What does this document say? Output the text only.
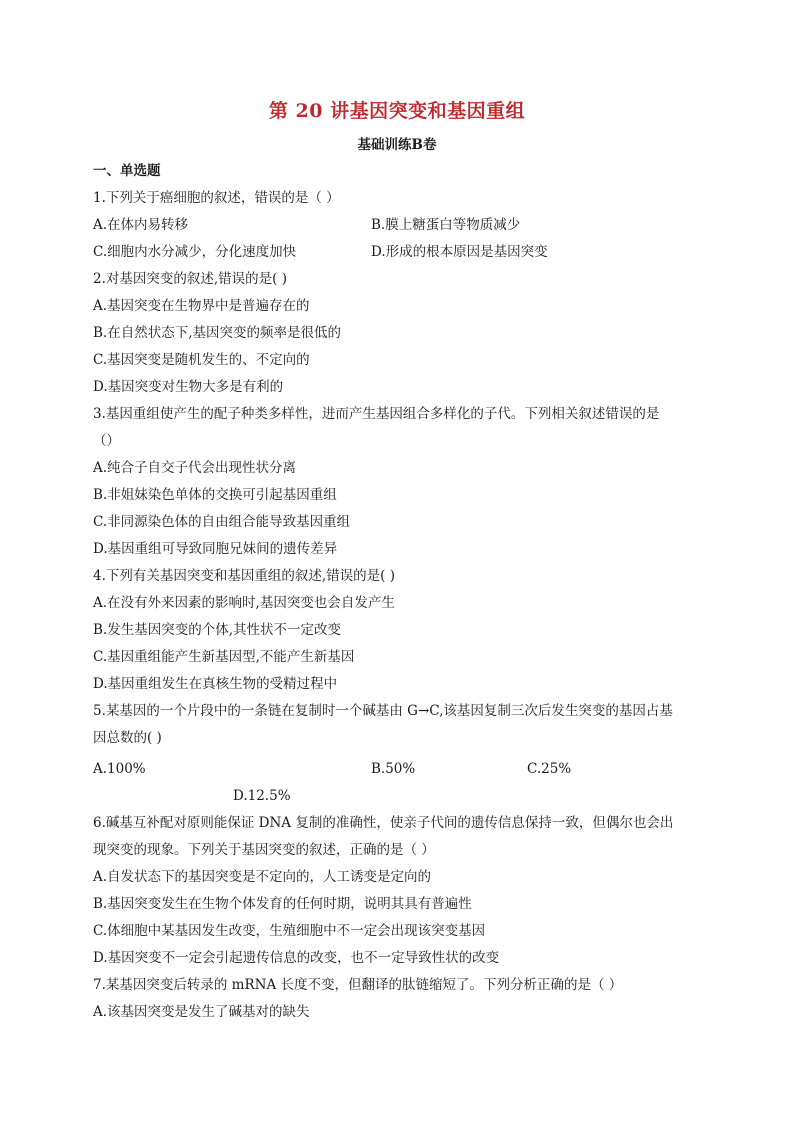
第 20 讲基因突变和基因重组
基础训练B卷
一、单选题
1.下列关于癌细胞的叙述，错误的是（ ）
A.在体内易转移	B.膜上糖蛋白等物质减少
C.细胞内水分减少，分化速度加快	D.形成的根本原因是基因突变
2.对基因突变的叙述,错误的是( )
A.基因突变在生物界中是普遍存在的
B.在自然状态下,基因突变的频率是很低的
C.基因突变是随机发生的、不定向的
D.基因突变对生物大多是有利的
3.基因重组使产生的配子种类多样性，进而产生基因组合多样化的子代。下列相关叙述错误的是
（）
A.纯合子自交子代会出现性状分离
B.非姐妹染色单体的交换可引起基因重组
C.非同源染色体的自由组合能导致基因重组
D.基因重组可导致同胞兄妹间的遗传差异
4.下列有关基因突变和基因重组的叙述,错误的是( )
A.在没有外来因素的影响时,基因突变也会自发产生
B.发生基因突变的个体,其性状不一定改变
C.基因重组能产生新基因型,不能产生新基因
D.基因重组发生在真核生物的受精过程中
5.某基因的一个片段中的一条链在复制时一个碱基由 G→C,该基因复制三次后发生突变的基因占基
因总数的( )
A.100%	B.50%	C.25%
D.12.5%
6.碱基互补配对原则能保证 DNA 复制的准确性，使亲子代间的遗传信息保持一致，但偶尔也会出
现突变的现象。下列关于基因突变的叙述，正确的是（ ）
A.自发状态下的基因突变是不定向的，人工诱变是定向的
B.基因突变发生在生物个体发育的任何时期，说明其具有普遍性
C.体细胞中某基因发生改变，生殖细胞中不一定会出现该突变基因
D.基因突变不一定会引起遗传信息的改变，也不一定导致性状的改变
7.某基因突变后转录的 mRNA 长度不变，但翻译的肽链缩短了。下列分析正确的是（ ）
A.该基因突变是发生了碱基对的缺失
